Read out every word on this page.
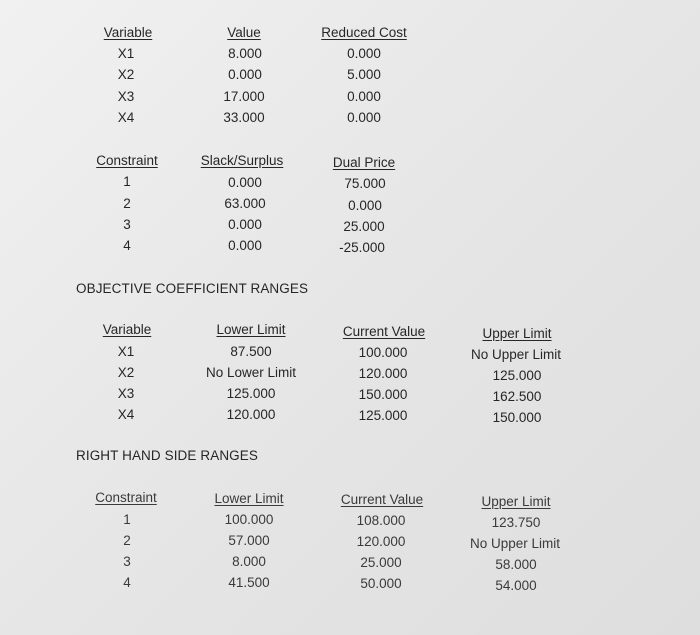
Variable	Value	Reduced Cost
X1	8.000	0.000
X2	0.000	5.000
X3	17.000	0.000
X4	33.000	0.000
Constraint	Slack/Surplus	Dual Price
1	0.000	75.000
2	63.000	0.000
3	0.000	25.000
4	0.000	-25.000
OBJECTIVE COEFFICIENT RANGES
Variable	Lower Limit	Current Value	Upper Limit
X1	87.500	100.000	No Upper Limit
X2	No Lower Limit	120.000	125.000
X3	125.000	150.000	162.500
X4	120.000	125.000	150.000
RIGHT HAND SIDE RANGES
Constraint	Lower Limit	Current Value	Upper Limit
1	100.000	108.000	123.750
2	57.000	120.000	No Upper Limit
3	8.000	25.000	58.000
4	41.500	50.000	54.000
